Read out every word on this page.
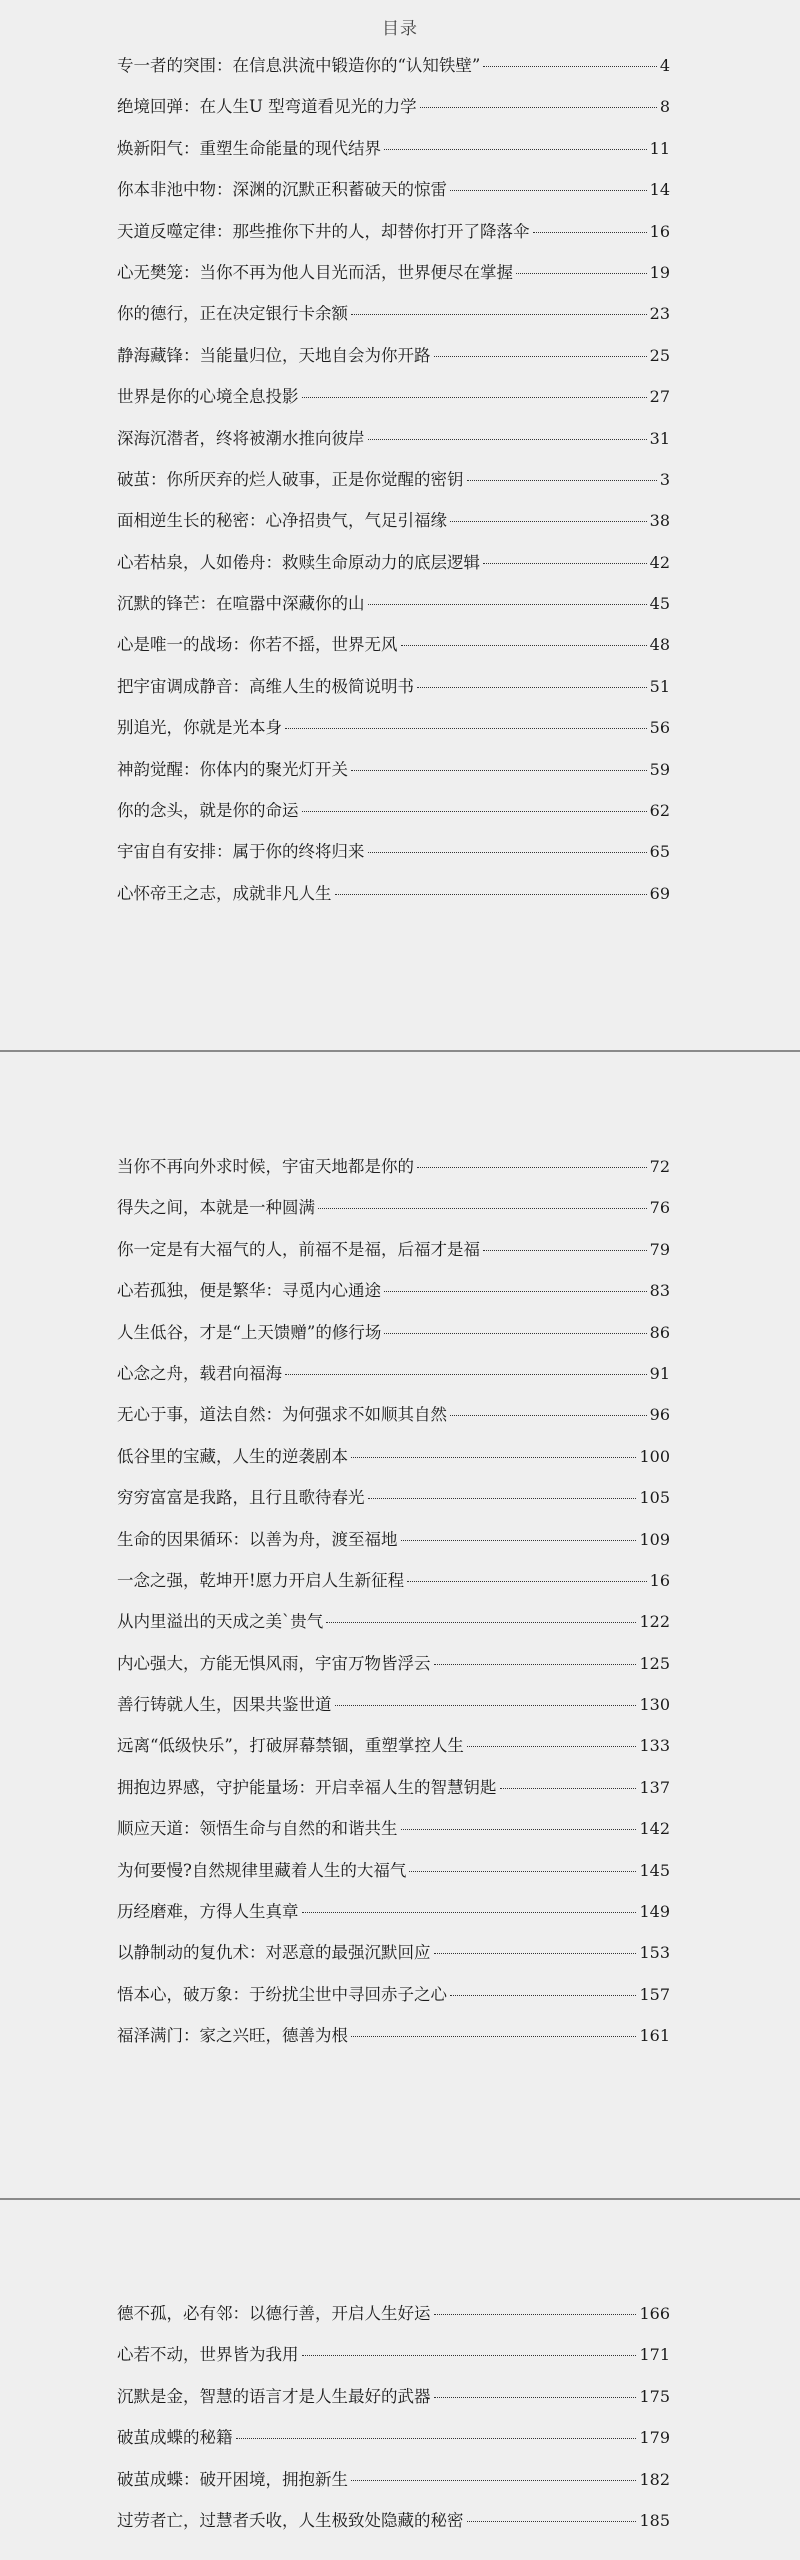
目录
专一者的突围：在信息洪流中锻造你的“认知铁壁”	4
绝境回弹：在人生U 型弯道看见光的力学	8
焕新阳气：重塑生命能量的现代结界	11
你本非池中物：深渊的沉默正积蓄破天的惊雷	14
天道反噬定律：那些推你下井的人，却替你打开了降落伞	16
心无樊笼：当你不再为他人目光而活，世界便尽在掌握	19
你的德行，正在决定银行卡余额	23
静海藏锋：当能量归位，天地自会为你开路	25
世界是你的心境全息投影	27
深海沉潜者，终将被潮水推向彼岸	31
破茧：你所厌弃的烂人破事，正是你觉醒的密钥	3
面相逆生长的秘密：心净招贵气，气足引福缘	38
心若枯泉，人如倦舟：救赎生命原动力的底层逻辑	42
沉默的锋芒：在喧嚣中深藏你的山	45
心是唯一的战场：你若不摇，世界无风	48
把宇宙调成静音：高维人生的极简说明书	51
别追光，你就是光本身	56
神韵觉醒：你体内的聚光灯开关	59
你的念头，就是你的命运	62
宇宙自有安排：属于你的终将归来	65
心怀帝王之志，成就非凡人生	69
当你不再向外求时候，宇宙天地都是你的	72
得失之间，本就是一种圆满	76
你一定是有大福气的人，前福不是福，后福才是福	79
心若孤独，便是繁华：寻觅内心通途	83
人生低谷，才是“上天馈赠”的修行场	86
心念之舟，载君向福海	91
无心于事，道法自然：为何强求不如顺其自然	96
低谷里的宝藏，人生的逆袭剧本	100
穷穷富富是我路，且行且歌待春光	105
生命的因果循环：以善为舟，渡至福地	109
一念之强，乾坤开!愿力开启人生新征程	16
从内里溢出的天成之美`贵气	122
内心强大，方能无惧风雨，宇宙万物皆浮云	125
善行铸就人生，因果共鉴世道	130
远离“低级快乐”，打破屏幕禁锢，重塑掌控人生	133
拥抱边界感，守护能量场：开启幸福人生的智慧钥匙	137
顺应天道：领悟生命与自然的和谐共生	142
为何要慢?自然规律里藏着人生的大福气	145
历经磨难，方得人生真章	149
以静制动的复仇术：对恶意的最强沉默回应	153
悟本心，破万象：于纷扰尘世中寻回赤子之心	157
福泽满门：家之兴旺，德善为根	161
德不孤，必有邻：以德行善，开启人生好运	166
心若不动，世界皆为我用	171
沉默是金，智慧的语言才是人生最好的武器	175
破茧成蝶的秘籍	179
破茧成蝶：破开困境，拥抱新生	182
过劳者亡，过慧者夭收，人生极致处隐藏的秘密	185
